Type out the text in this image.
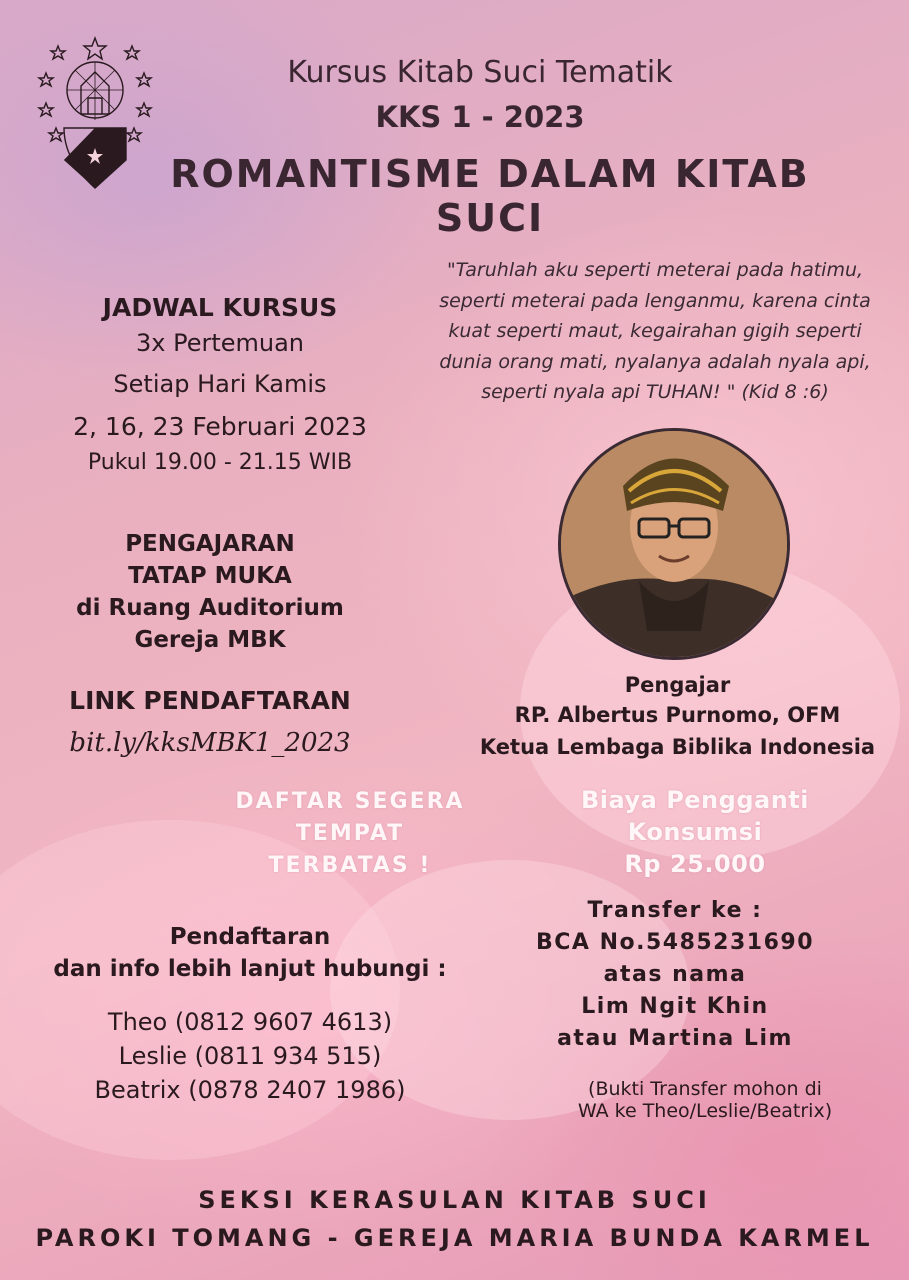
Kursus Kitab Suci Tematik
KKS 1 - 2023
ROMANTISME DALAM KITAB SUCI
"Taruhlah aku seperti meterai pada hatimu,
seperti meterai pada lenganmu, karena cinta
kuat seperti maut, kegairahan gigih seperti
dunia orang mati, nyalanya adalah nyala api,
seperti nyala api TUHAN! " (Kid 8 :6)
JADWAL KURSUS
3x Pertemuan
Setiap Hari Kamis
2, 16, 23 Februari 2023
Pukul 19.00 - 21.15 WIB
PENGAJARAN
TATAP MUKA
di Ruang Auditorium
Gereja MBK
LINK PENDAFTARAN
bit.ly/kksMBK1_2023
Pengajar
RP. Albertus Purnomo, OFM
Ketua Lembaga Biblika Indonesia
DAFTAR SEGERA
TEMPAT
TERBATAS !
Biaya Pengganti
Konsumsi
Rp 25.000
Pendaftaran
dan info lebih lanjut hubungi :
Theo (0812 9607 4613)
Leslie (0811 934 515)
Beatrix (0878 2407 1986)
Transfer ke :
BCA No.5485231690
atas nama
Lim Ngit Khin
atau Martina Lim
(Bukti Transfer mohon di
WA ke Theo/Leslie/Beatrix)
SEKSI KERASULAN KITAB SUCI
PAROKI TOMANG - GEREJA MARIA BUNDA KARMEL
